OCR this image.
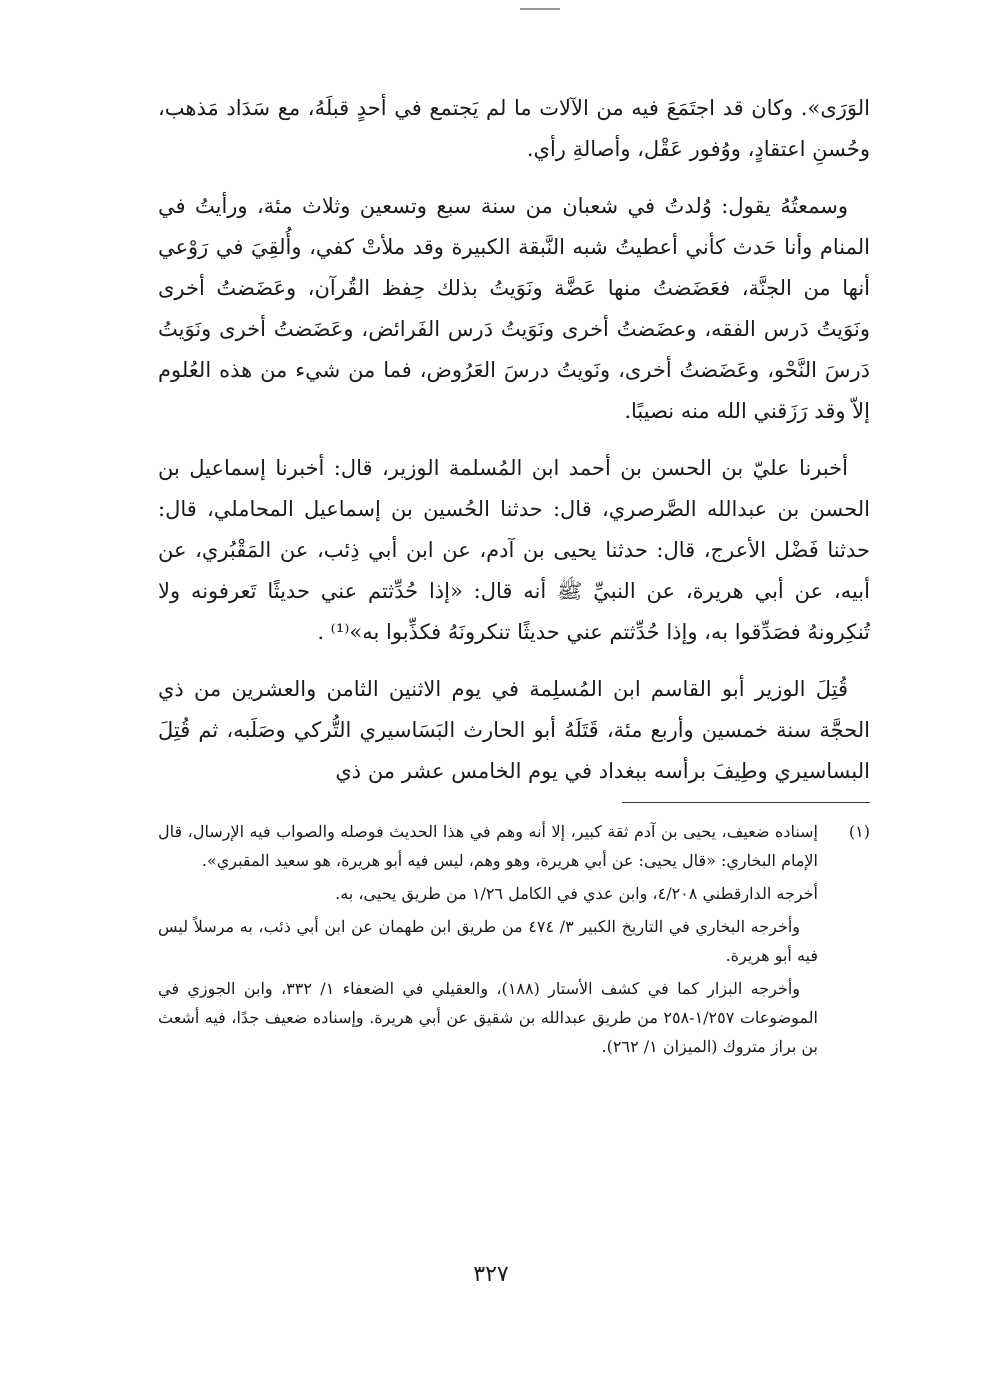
الوَرَى». وكان قد اجتَمَعَ فيه من الآلات ما لم يَجتمع في أحدٍ قبلَهُ، مع سَدَاد مَذهب، وحُسنِ اعتقادٍ، ووُفور عَقْل، وأصالةِ رأي.

وسمعتُهُ يقول: وُلدتُ في شعبان من سنة سبع وتسعين وثلاث مئة، ورأيتُ في المنام وأنا حَدث كأني أعطيتُ شبه النَّبقة الكبيرة وقد ملأتْ كفي، وأُلقِيَ في رَوْعي أنها من الجنَّة، فعَضَضتُ منها عَضَّة ونَوَيتُ بذلك حِفظ القُرآن، وعَضَضتُ أخرى ونَوَيتُ دَرس الفقه، وعضَضتُ أخرى ونَوَيتُ دَرس الفَرائض، وعَضَضتُ أخرى ونَوَيتُ دَرسَ النَّحْو، وعَضَضتُ أخرى، ونَويتُ درسَ العَرُوض، فما من شيء من هذه العُلوم إلاّ وقد رَزَقني الله منه نصيبًا.

أخبرنا عليّ بن الحسن بن أحمد ابن المُسلمة الوزير، قال: أخبرنا إسماعيل بن الحسن بن عبدالله الصَّرصري، قال: حدثنا الحُسين بن إسماعيل المحاملي، قال: حدثنا فَضْل الأعرج، قال: حدثنا يحيى بن آدم، عن ابن أبي ذِئب، عن المَقْبُري، عن أبيه، عن أبي هريرة، عن النبيِّ ﷺ أنه قال: «إذا حُدِّثتم عني حديثًا تَعرفونه ولا تُنكِرونهُ فصَدِّقوا به، وإذا حُدِّثتم عني حديثًا تنكرونَهُ فكذِّبوا به»⁽¹⁾ .

قُتِلَ الوزير أبو القاسم ابن المُسلِمة في يوم الاثنين الثامن والعشرين من ذي الحجَّة سنة خمسين وأربع مئة، قَتَلَهُ أبو الحارث البَسَاسيري التُّركي وصَلَبه، ثم قُتِلَ البساسيري وطِيفَ برأسه ببغداد في يوم الخامس عشر من ذي

(١)

إسناده ضعيف، يحيى بن آدم ثقة كبير، إلا أنه وهم في هذا الحديث فوصله والصواب فيه الإرسال، قال الإمام البخاري: «قال يحيى: عن أبي هريرة، وهو وهم، ليس فيه أبو هريرة، هو سعيد المقبري».

أخرجه الدارقطني ٤/٢٠٨، وابن عدي في الكامل ١/٢٦ من طريق يحيى، به.

وأخرجه البخاري في التاريخ الكبير ٣/ ٤٧٤ من طريق ابن طهمان عن ابن أبي ذئب، به مرسلاً ليس فيه أبو هريرة.

وأخرجه البزار كما في كشف الأستار (١٨٨)، والعقيلي في الضعفاء ١/ ٣٣٢، وابن الجوزي في الموضوعات ١/٢٥٧-٢٥٨ من طريق عبدالله بن شقيق عن أبي هريرة. وإسناده ضعيف جدًا، فيه أشعث بن براز متروك (الميزان ١/ ٢٦٢).

٣٢٧
